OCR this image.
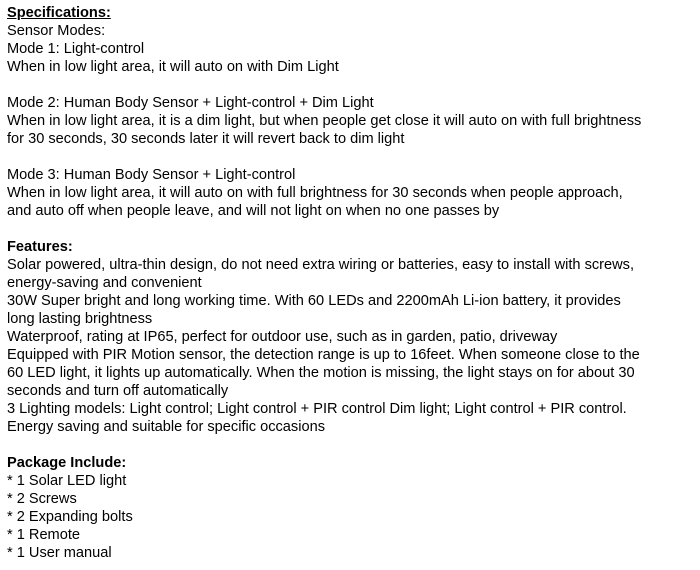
Specifications:
Sensor Modes:
Mode 1: Light-control
When in low light area, it will auto on with Dim Light
Mode 2: Human Body Sensor + Light-control + Dim Light
When in low light area, it is a dim light, but when people get close it will auto on with full brightness
for 30 seconds, 30 seconds later it will revert back to dim light
Mode 3: Human Body Sensor + Light-control
When in low light area, it will auto on with full brightness for 30 seconds when people approach,
and auto off when people leave, and will not light on when no one passes by
Features:
Solar powered, ultra-thin design, do not need extra wiring or batteries, easy to install with screws,
energy-saving and convenient
30W Super bright and long working time. With 60 LEDs and 2200mAh Li-ion battery, it provides
long lasting brightness
Waterproof, rating at IP65, perfect for outdoor use, such as in garden, patio, driveway
Equipped with PIR Motion sensor, the detection range is up to 16feet. When someone close to the
60 LED light, it lights up automatically. When the motion is missing, the light stays on for about 30
seconds and turn off automatically
3 Lighting models: Light control; Light control + PIR control Dim light; Light control + PIR control.
Energy saving and suitable for specific occasions
Package Include:
* 1 Solar LED light
* 2 Screws
* 2 Expanding bolts
* 1 Remote
* 1 User manual
